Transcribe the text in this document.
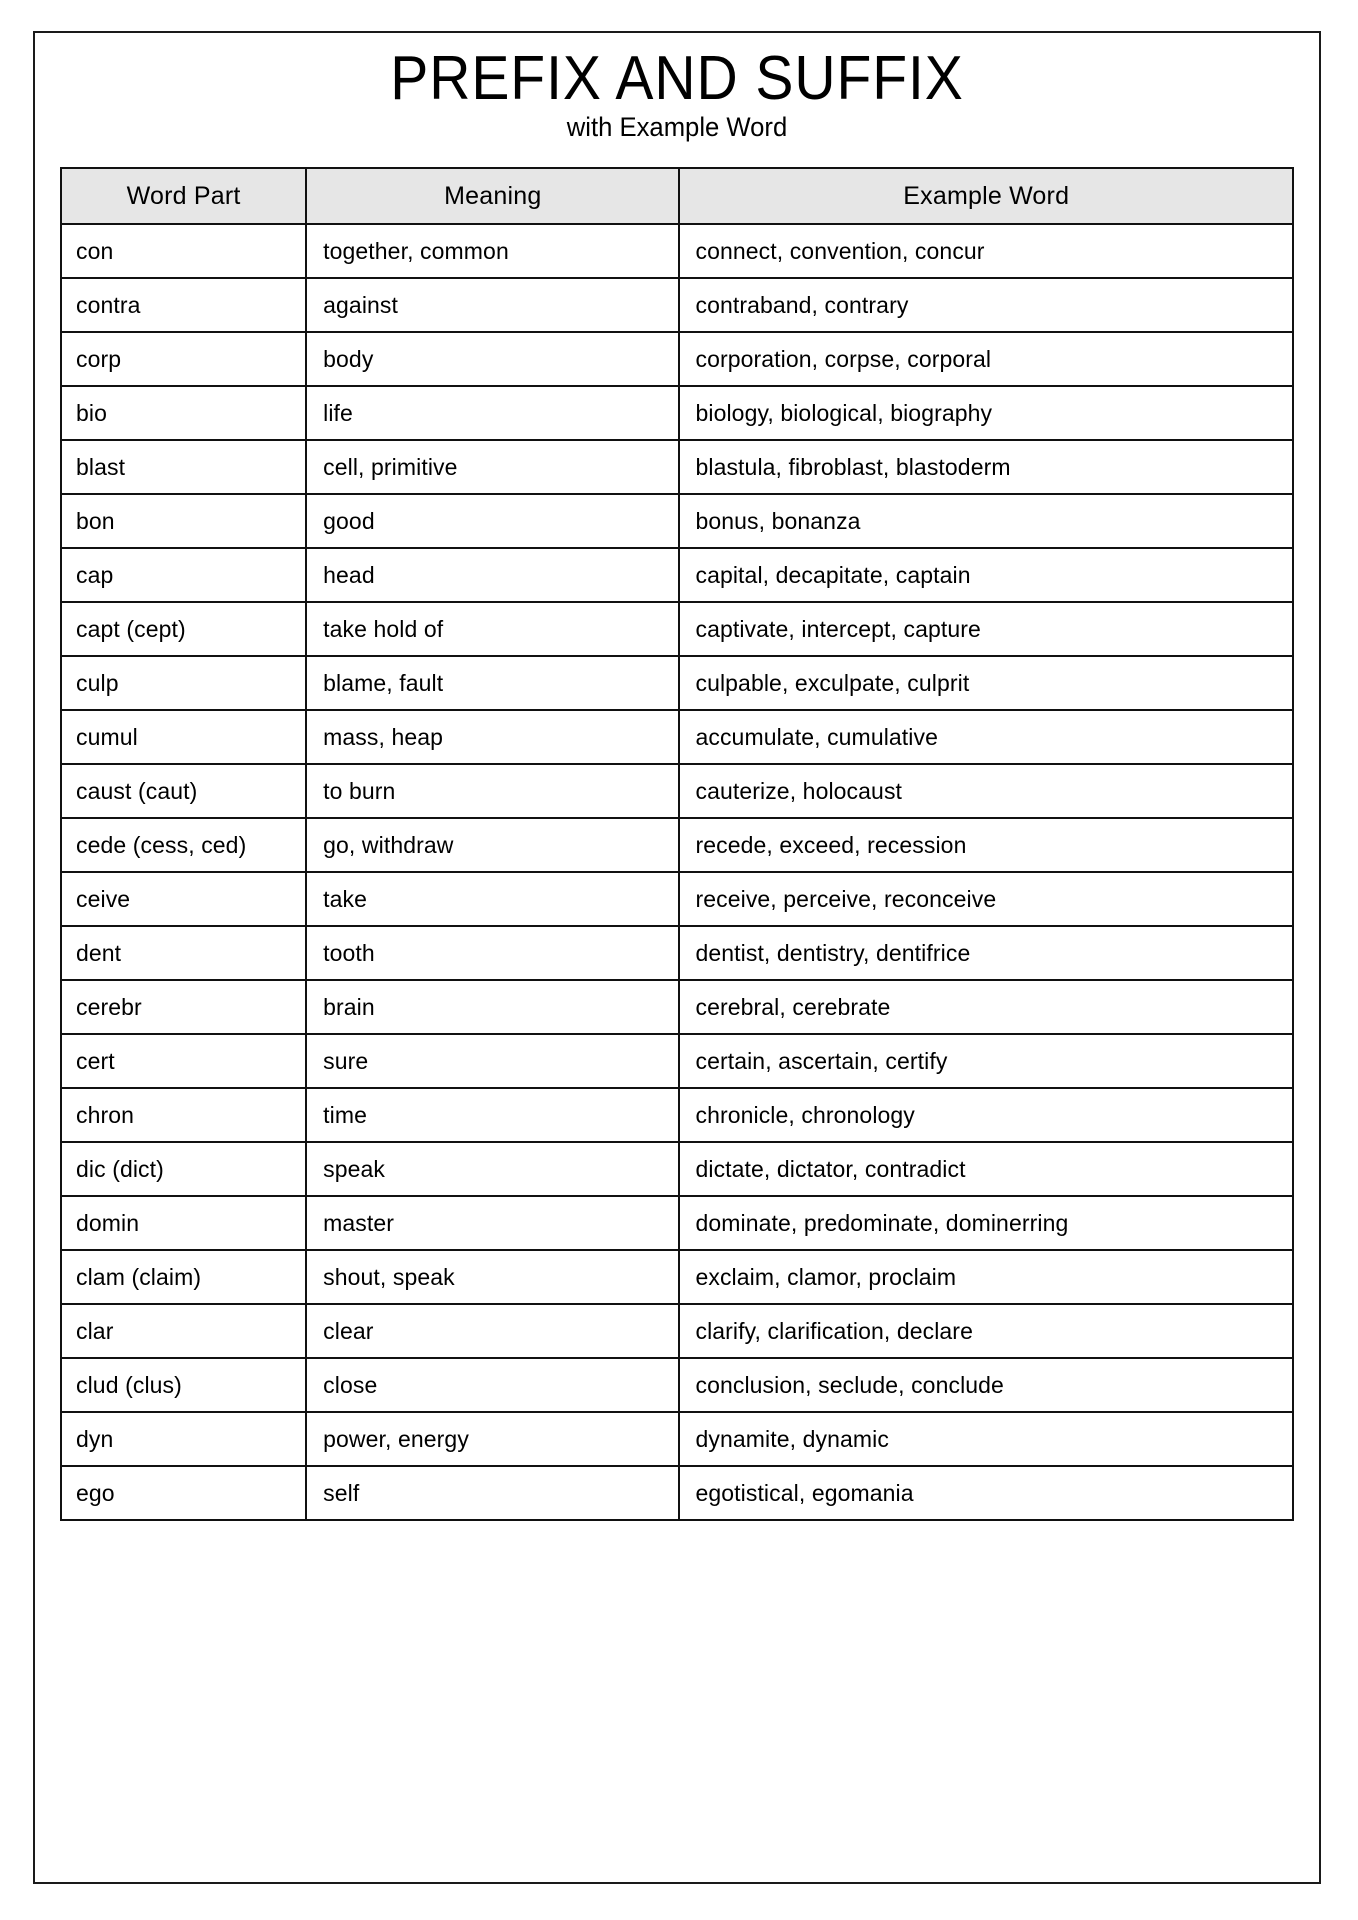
PREFIX AND SUFFIX
with Example Word
Word Part	Meaning	Example Word
con	together, common	connect, convention, concur
contra	against	contraband, contrary
corp	body	corporation, corpse, corporal
bio	life	biology, biological, biography
blast	cell, primitive	blastula, fibroblast, blastoderm
bon	good	bonus, bonanza
cap	head	capital, decapitate, captain
capt (cept)	take hold of	captivate, intercept, capture
culp	blame, fault	culpable, exculpate, culprit
cumul	mass, heap	accumulate, cumulative
caust (caut)	to burn	cauterize, holocaust
cede (cess, ced)	go, withdraw	recede, exceed, recession
ceive	take	receive, perceive, reconceive
dent	tooth	dentist, dentistry, dentifrice
cerebr	brain	cerebral, cerebrate
cert	sure	certain, ascertain, certify
chron	time	chronicle, chronology
dic (dict)	speak	dictate, dictator, contradict
domin	master	dominate, predominate, dominerring
clam (claim)	shout, speak	exclaim, clamor, proclaim
clar	clear	clarify, clarification, declare
clud (clus)	close	conclusion, seclude, conclude
dyn	power, energy	dynamite, dynamic
ego	self	egotistical, egomania
